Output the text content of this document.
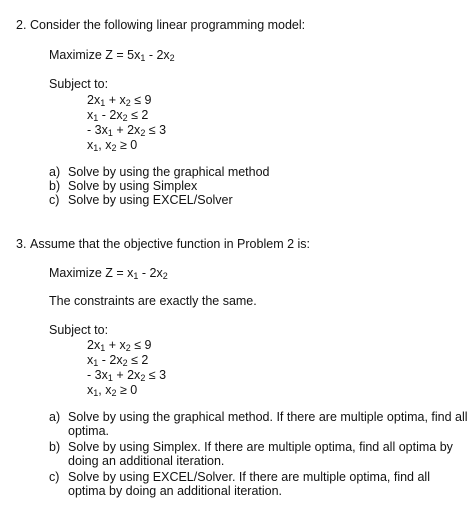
2. Consider the following linear programming model:
Maximize Z = 5x1 - 2x2
Subject to:
2x1 + x2 ≤ 9
x1 - 2x2 ≤ 2
- 3x1 + 2x2 ≤ 3
x1, x2 ≥ 0
a) Solve by using the graphical method
b) Solve by using Simplex
c) Solve by using EXCEL/Solver
3. Assume that the objective function in Problem 2 is:
Maximize Z = x1 - 2x2
The constraints are exactly the same.
Subject to:
2x1 + x2 ≤ 9
x1 - 2x2 ≤ 2
- 3x1 + 2x2 ≤ 3
x1, x2 ≥ 0
a) Solve by using the graphical method. If there are multiple optima, find all
optima.
b) Solve by using Simplex. If there are multiple optima, find all optima by
doing an additional iteration.
c) Solve by using EXCEL/Solver. If there are multiple optima, find all
optima by doing an additional iteration.
